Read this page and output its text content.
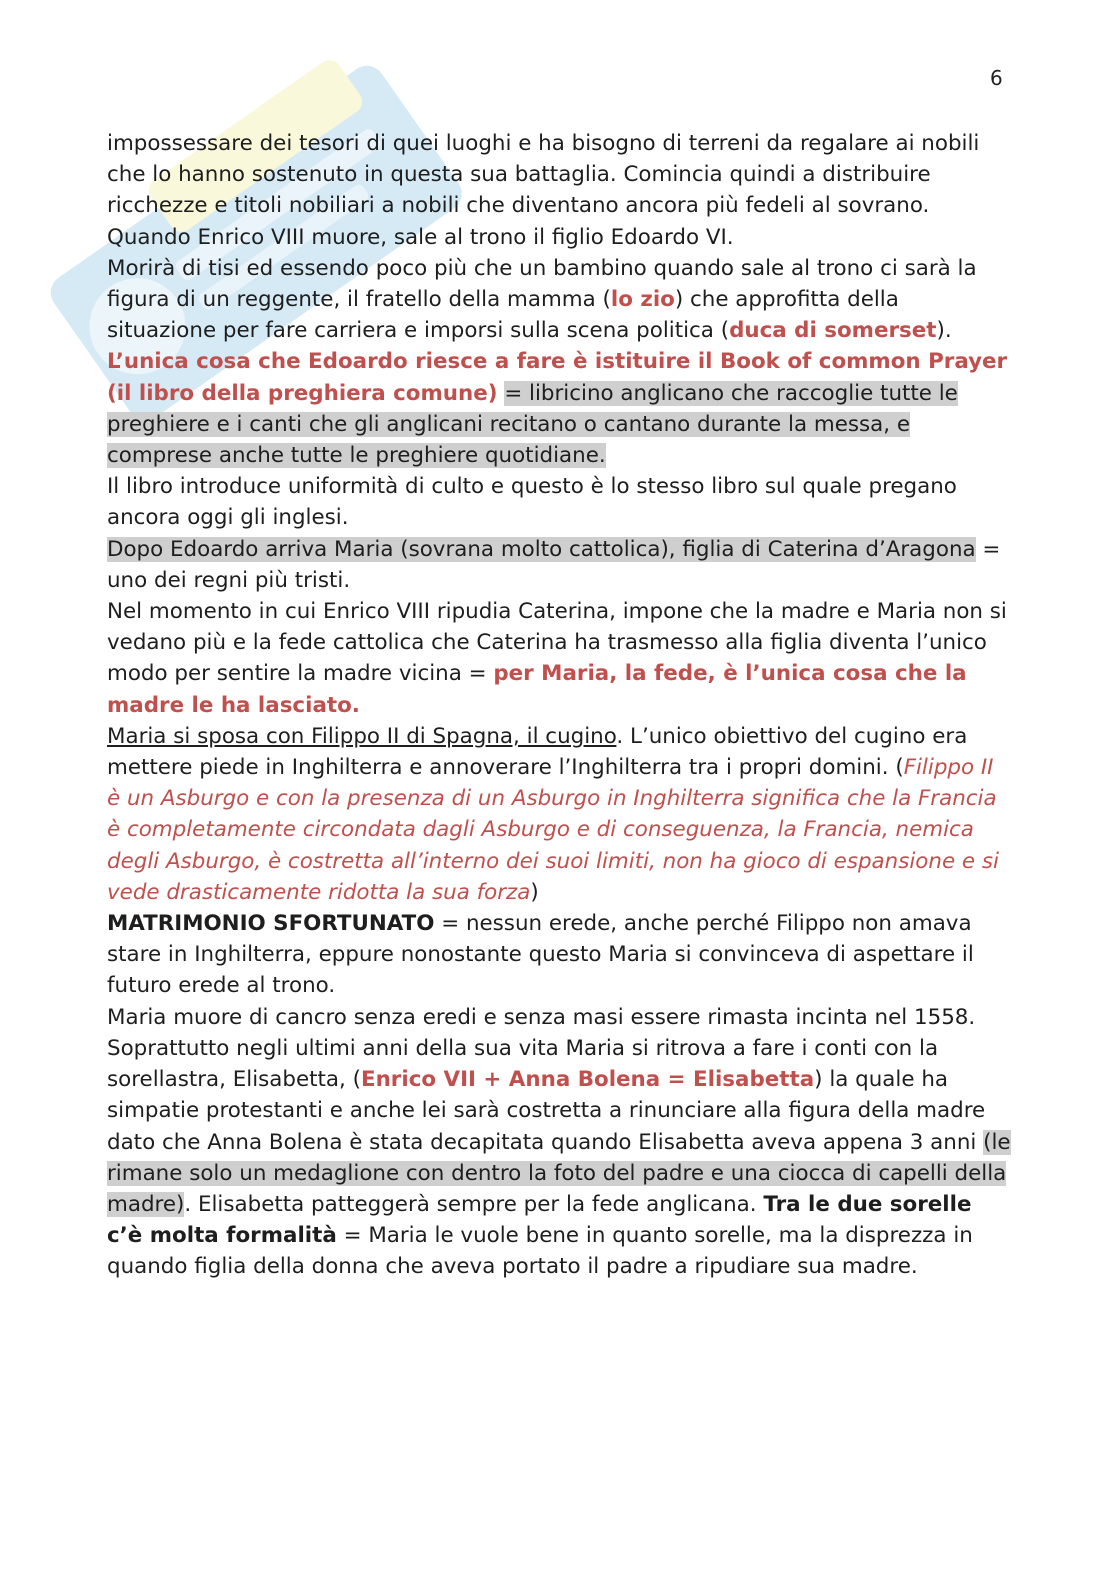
6

impossessare dei tesori di quei luoghi e ha bisogno di terreni da regalare ai nobili che lo hanno sostenuto in questa sua battaglia. Comincia quindi a distribuire ricchezze e titoli nobiliari a nobili che diventano ancora più fedeli al sovrano.

Quando Enrico VIII muore, sale al trono il figlio Edoardo VI.

Morirà di tisi ed essendo poco più che un bambino quando sale al trono ci sarà la figura di un reggente, il fratello della mamma (lo zio) che approfitta della situazione per fare carriera e imporsi sulla scena politica (duca di somerset).

L’unica cosa che Edoardo riesce a fare è istituire il Book of common Prayer (il libro della preghiera comune) = libricino anglicano che raccoglie tutte le preghiere e i canti che gli anglicani recitano o cantano durante la messa, e comprese anche tutte le preghiere quotidiane.

Il libro introduce uniformità di culto e questo è lo stesso libro sul quale pregano ancora oggi gli inglesi.

Dopo Edoardo arriva Maria (sovrana molto cattolica), figlia di Caterina d’Aragona = uno dei regni più tristi.

Nel momento in cui Enrico VIII ripudia Caterina, impone che la madre e Maria non si vedano più e la fede cattolica che Caterina ha trasmesso alla figlia diventa l’unico modo per sentire la madre vicina = per Maria, la fede, è l’unica cosa che la madre le ha lasciato.

Maria si sposa con Filippo II di Spagna, il cugino. L’unico obiettivo del cugino era mettere piede in Inghilterra e annoverare l’Inghilterra tra i propri domini. (Filippo II è un Asburgo e con la presenza di un Asburgo in Inghilterra significa che la Francia è completamente circondata dagli Asburgo e di conseguenza, la Francia, nemica degli Asburgo, è costretta all’interno dei suoi limiti, non ha gioco di espansione e si vede drasticamente ridotta la sua forza)

MATRIMONIO SFORTUNATO = nessun erede, anche perché Filippo non amava stare in Inghilterra, eppure nonostante questo Maria si convinceva di aspettare il futuro erede al trono.

Maria muore di cancro senza eredi e senza masi essere rimasta incinta nel 1558.

Soprattutto negli ultimi anni della sua vita Maria si ritrova a fare i conti con la sorellastra, Elisabetta, (Enrico VII + Anna Bolena = Elisabetta) la quale ha simpatie protestanti e anche lei sarà costretta a rinunciare alla figura della madre dato che Anna Bolena è stata decapitata quando Elisabetta aveva appena 3 anni (le rimane solo un medaglione con dentro la foto del padre e una ciocca di capelli della madre). Elisabetta patteggerà sempre per la fede anglicana. Tra le due sorelle c’è molta formalità = Maria le vuole bene in quanto sorelle, ma la disprezza in quando figlia della donna che aveva portato il padre a ripudiare sua madre.
